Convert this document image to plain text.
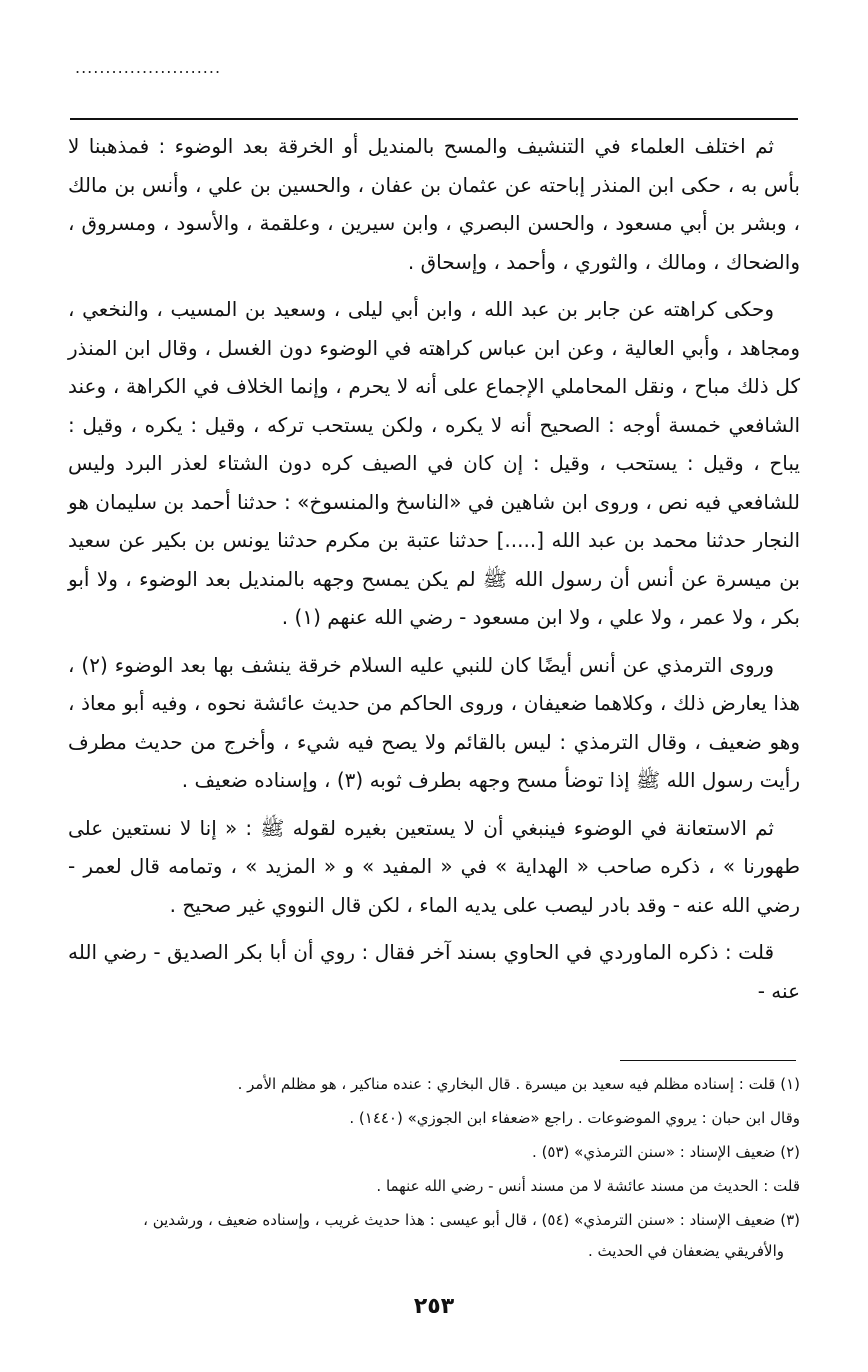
........................

ثم اختلف العلماء في التنشيف والمسح بالمنديل أو الخرقة بعد الوضوء : فمذهبنا لا بأس به ، حكى ابن المنذر إباحته عن عثمان بن عفان ، والحسين بن علي ، وأنس بن مالك ، وبشر بن أبي مسعود ، والحسن البصري ، وابن سيرين ، وعلقمة ، والأسود ، ومسروق ، والضحاك ، ومالك ، والثوري ، وأحمد ، وإسحاق .

وحكى كراهته عن جابر بن عبد الله ، وابن أبي ليلى ، وسعيد بن المسيب ، والنخعي ، ومجاهد ، وأبي العالية ، وعن ابن عباس كراهته في الوضوء دون الغسل ، وقال ابن المنذر كل ذلك مباح ، ونقل المحاملي الإجماع على أنه لا يحرم ، وإنما الخلاف في الكراهة ، وعند الشافعي خمسة أوجه : الصحيح أنه لا يكره ، ولكن يستحب تركه ، وقيل : يكره ، وقيل : يباح ، وقيل : يستحب ، وقيل : إن كان في الصيف كره دون الشتاء لعذر البرد وليس للشافعي فيه نص ، وروى ابن شاهين في «الناسخ والمنسوخ» : حدثنا أحمد بن سليمان هو النجار حدثنا محمد بن عبد الله [.....] حدثنا عتبة بن مكرم حدثنا يونس بن بكير عن سعيد بن ميسرة عن أنس أن رسول الله ﷺ لم يكن يمسح وجهه بالمنديل بعد الوضوء ، ولا أبو بكر ، ولا عمر ، ولا علي ، ولا ابن مسعود - رضي الله عنهم (١) .

وروى الترمذي عن أنس أيضًا كان للنبي عليه السلام خرقة ينشف بها بعد الوضوء (٢) ، هذا يعارض ذلك ، وكلاهما ضعيفان ، وروى الحاكم من حديث عائشة نحوه ، وفيه أبو معاذ ، وهو ضعيف ، وقال الترمذي : ليس بالقائم ولا يصح فيه شيء ، وأخرج من حديث مطرف رأيت رسول الله ﷺ إذا توضأ مسح وجهه بطرف ثوبه (٣) ، وإسناده ضعيف .

ثم الاستعانة في الوضوء فينبغي أن لا يستعين بغيره لقوله ﷺ : « إنا لا نستعين على طهورنا » ، ذكره صاحب « الهداية » في « المفيد » و « المزيد » ، وتمامه قال لعمر - رضي الله عنه - وقد بادر ليصب على يديه الماء ، لكن قال النووي غير صحيح .

قلت : ذكره الماوردي في الحاوي بسند آخر فقال : روي أن أبا بكر الصديق - رضي الله عنه -

(١) قلت : إسناده مظلم فيه سعيد بن ميسرة . قال البخاري : عنده مناكير ، هو مظلم الأمر .

وقال ابن حبان : يروي الموضوعات . راجع «ضعفاء ابن الجوزي» (١٤٤٠) .

(٢) ضعيف الإسناد : «سنن الترمذي» (٥٣) .

قلت : الحديث من مسند عائشة لا من مسند أنس - رضي الله عنهما .

(٣) ضعيف الإسناد : «سنن الترمذي» (٥٤) ، قال أبو عيسى : هذا حديث غريب ، وإسناده ضعيف ، ورشدين ،
والأفريقي يضعفان في الحديث .

٢٥٣
